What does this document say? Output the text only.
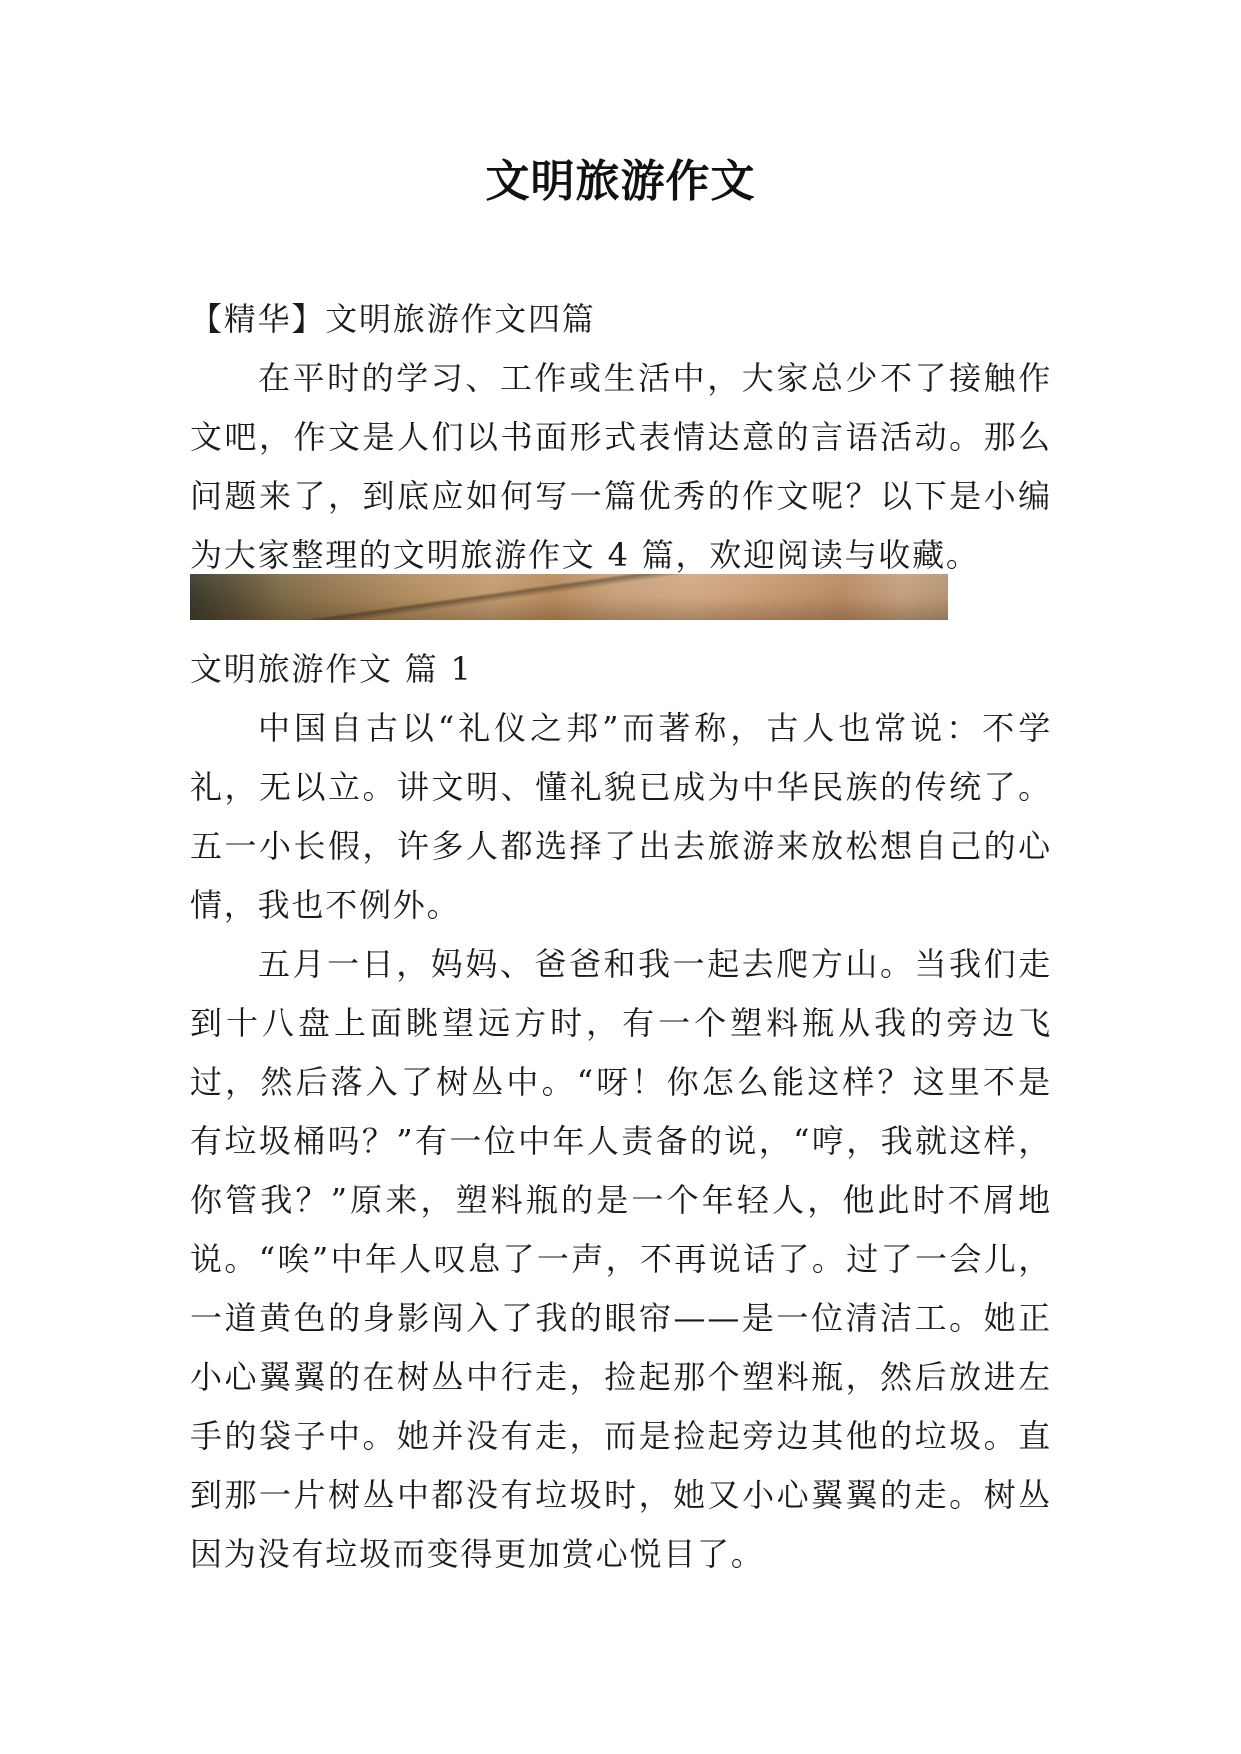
文明旅游作文
【精华】文明旅游作文四篇
在平时的学习、工作或生活中，大家总少不了接触作文吧，作文是人们以书面形式表情达意的言语活动。那么问题来了，到底应如何写一篇优秀的作文呢？以下是小编为大家整理的文明旅游作文 4 篇，欢迎阅读与收藏。
文明旅游作文 篇 1
中国自古以“礼仪之邦”而著称，古人也常说：不学礼，无以立。讲文明、懂礼貌已成为中华民族的传统了。五一小长假，许多人都选择了出去旅游来放松想自己的心情，我也不例外。
五月一日，妈妈、爸爸和我一起去爬方山。当我们走到十八盘上面眺望远方时，有一个塑料瓶从我的旁边飞过，然后落入了树丛中。“呀！你怎么能这样？这里不是有垃圾桶吗？”有一位中年人责备的说，“哼，我就这样，你管我？”原来，塑料瓶的是一个年轻人，他此时不屑地说。“唉”中年人叹息了一声，不再说话了。过了一会儿，一道黄色的身影闯入了我的眼帘——是一位清洁工。她正小心翼翼的在树丛中行走，捡起那个塑料瓶，然后放进左手的袋子中。她并没有走，而是捡起旁边其他的垃圾。直到那一片树丛中都没有垃圾时，她又小心翼翼的走。树丛因为没有垃圾而变得更加赏心悦目了。
